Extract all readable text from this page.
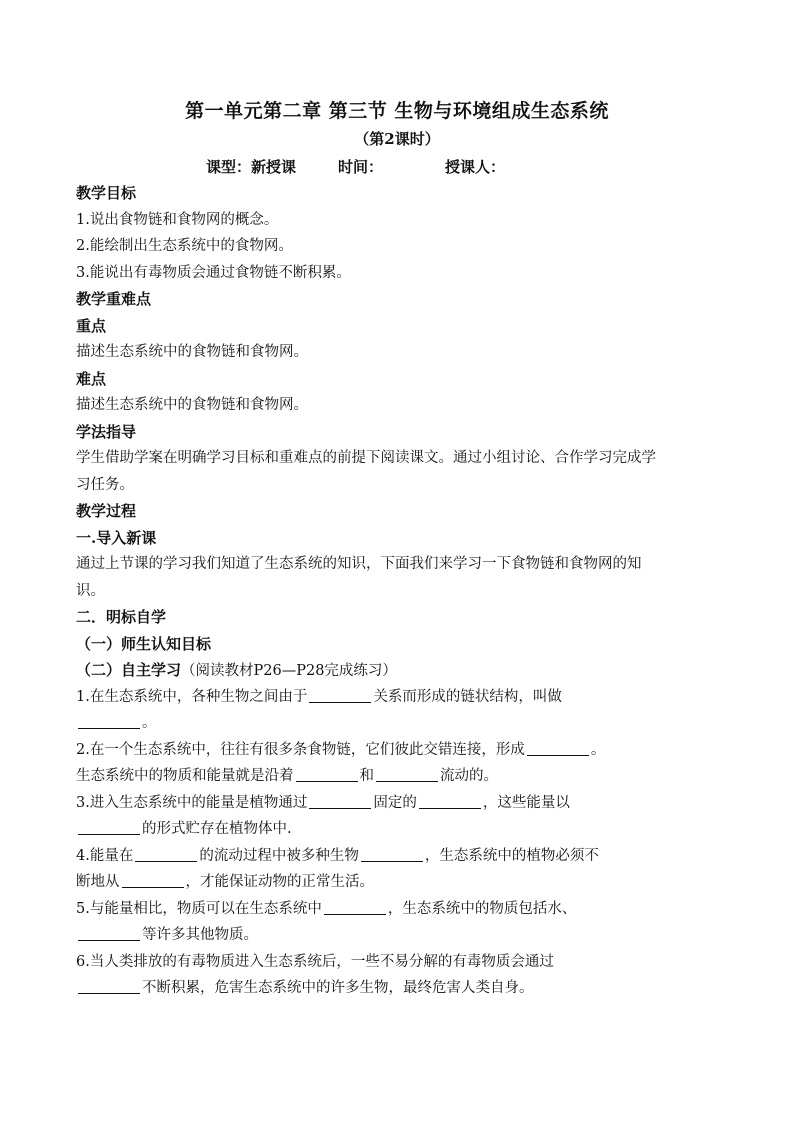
第一单元第二章 第三节 生物与环境组成生态系统
（第2课时）
课型：新授课	时间：	授课人：
教学目标
1.说出食物链和食物网的概念。
2.能绘制出生态系统中的食物网。
3.能说出有毒物质会通过食物链不断积累。
教学重难点
重点
描述生态系统中的食物链和食物网。
难点
描述生态系统中的食物链和食物网。
学法指导
学生借助学案在明确学习目标和重难点的前提下阅读课文。通过小组讨论、合作学习完成学习任务。
教学过程
一.导入新课
通过上节课的学习我们知道了生态系统的知识，下面我们来学习一下食物链和食物网的知识。
二．明标自学
（一）师生认知目标
（二）自主学习（阅读教材P26—P28完成练习）
1.在生态系统中，各种生物之间由于	关系而形成的链状结构，叫做
。
2.在一个生态系统中，往往有很多条食物链，它们彼此交错连接，形成	。
生态系统中的物质和能量就是沿着	和	流动的。
3.进入生态系统中的能量是植物通过	固定的	，这些能量以
的形式贮存在植物体中.
4.能量在	的流动过程中被多种生物	，生态系统中的植物必须不
断地从	，才能保证动物的正常生活。
5.与能量相比，物质可以在生态系统中	，生态系统中的物质包括水、
等许多其他物质。
6.当人类排放的有毒物质进入生态系统后，一些不易分解的有毒物质会通过
不断积累，危害生态系统中的许多生物，最终危害人类自身。
